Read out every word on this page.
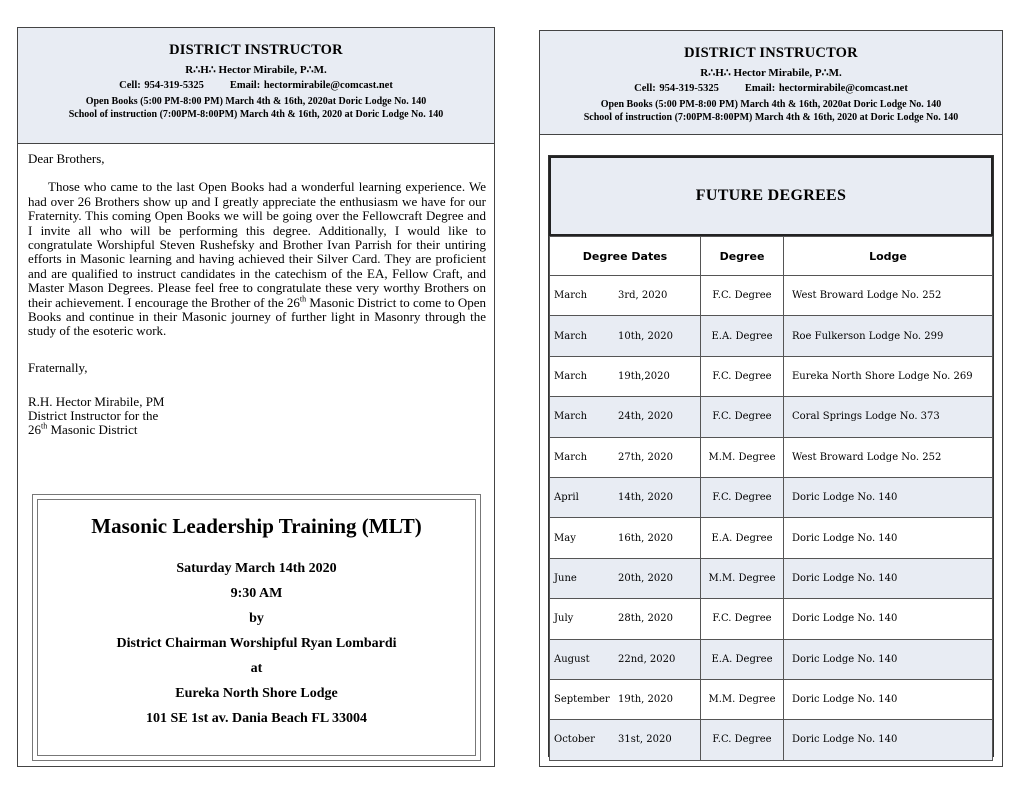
DISTRICT INSTRUCTOR
R∴H∴ Hector Mirabile, P∴M.
Cell: 954-319-5325 Email: hectormirabile@comcast.net
Open Books (5:00 PM-8:00 PM) March 4th & 16th, 2020at Doric Lodge No. 140
School of instruction (7:00PM-8:00PM) March 4th & 16th, 2020 at Doric Lodge No. 140

Dear Brothers,

Those who came to the last Open Books had a wonderful learning experience. We had over 26 Brothers show up and I greatly appreciate the enthusiasm we have for our Fraternity. This coming Open Books we will be going over the Fellowcraft Degree and I invite all who will be performing this degree. Additionally, I would like to congratulate Worshipful Steven Rushefsky and Brother Ivan Parrish for their untiring efforts in Masonic learning and having achieved their Silver Card. They are proficient and are qualified to instruct candidates in the catechism of the EA, Fellow Craft, and Master Mason Degrees. Please feel free to congratulate these very worthy Brothers on their achievement. I encourage the Brother of the 26th Masonic District to come to Open Books and continue in their Masonic journey of further light in Masonry through the study of the esoteric work.

Fraternally,

R.H. Hector Mirabile, PM
District Instructor for the
26th Masonic District
Masonic Leadership Training (MLT)
Saturday March 14th 2020
9:30 AM
by
District Chairman Worshipful Ryan Lombardi
at
Eureka North Shore Lodge
101 SE 1st av. Dania Beach FL 33004
DISTRICT INSTRUCTOR
R∴H∴ Hector Mirabile, P∴M.
Cell: 954-319-5325 Email: hectormirabile@comcast.net
Open Books (5:00 PM-8:00 PM) March 4th & 16th, 2020at Doric Lodge No. 140
School of instruction (7:00PM-8:00PM) March 4th & 16th, 2020 at Doric Lodge No. 140
FUTURE DEGREES
Degree Dates	Degree	Lodge
March 3rd, 2020	F.C. Degree	West Broward Lodge No. 252
March 10th, 2020	E.A. Degree	Roe Fulkerson Lodge No. 299
March 19th,2020	F.C. Degree	Eureka North Shore Lodge No. 269
March 24th, 2020	F.C. Degree	Coral Springs Lodge No. 373
March 27th, 2020	M.M. Degree	West Broward Lodge No. 252
April 14th, 2020	F.C. Degree	Doric Lodge No. 140
May 16th, 2020	E.A. Degree	Doric Lodge No. 140
June 20th, 2020	M.M. Degree	Doric Lodge No. 140
July 28th, 2020	F.C. Degree	Doric Lodge No. 140
August 22nd, 2020	E.A. Degree	Doric Lodge No. 140
September 19th, 2020	M.M. Degree	Doric Lodge No. 140
October 31st, 2020	F.C. Degree	Doric Lodge No. 140
